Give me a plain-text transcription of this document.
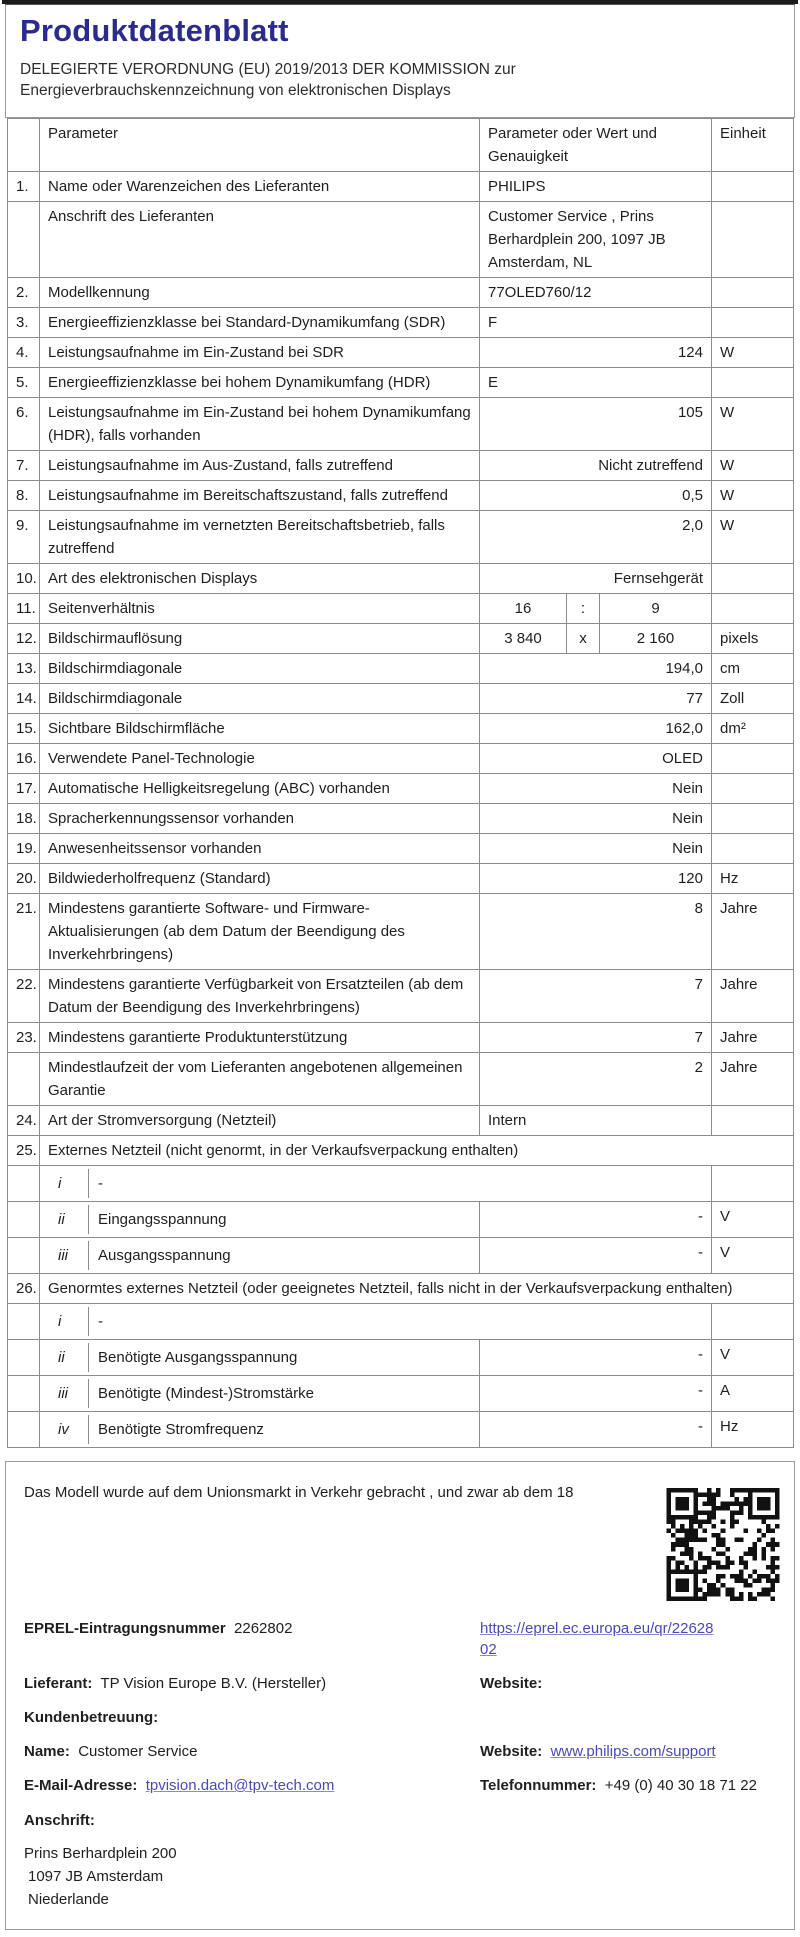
Produktdatenblatt

DELEGIERTE VERORDNUNG (EU) 2019/2013 DER KOMMISSION zur
Energieverbrauchskennzeichnung von elektronischen Displays

	Parameter	Parameter oder Wert und Genauigkeit	Einheit
1.	Name oder Warenzeichen des Lieferanten	PHILIPS	
	Anschrift des Lieferanten	Customer Service , Prins Berhardplein 200, 1097 JB Amsterdam, NL	
2.	Modellkennung	77OLED760/12	
3.	Energieeffizienzklasse bei Standard-Dynamikumfang (SDR)	F	
4.	Leistungsaufnahme im Ein-Zustand bei SDR	124	W
5.	Energieeffizienzklasse bei hohem Dynamikumfang (HDR)	E	
6.	Leistungsaufnahme im Ein-Zustand bei hohem Dynamikumfang (HDR), falls vorhanden	105	W
7.	Leistungsaufnahme im Aus-Zustand, falls zutreffend	Nicht zutreffend	W
8.	Leistungsaufnahme im Bereitschaftszustand, falls zutreffend	0,5	W
9.	Leistungsaufnahme im vernetzten Bereitschaftsbetrieb, falls zutreffend	2,0	W
10.	Art des elektronischen Displays	Fernsehgerät	
11.	Seitenverhältnis	16 : 9	

12.	Bildschirmauflösung	3 840 x 2 160	pixels
13.	Bildschirmdiagonale	194,0	cm
14.	Bildschirmdiagonale	77	Zoll
15.	Sichtbare Bildschirmfläche	162,0	dm²
16.	Verwendete Panel-Technologie	OLED	
17.	Automatische Helligkeitsregelung (ABC) vorhanden	Nein	
18.	Spracherkennungssensor vorhanden	Nein	
19.	Anwesenheitssensor vorhanden	Nein	
20.	Bildwiederholfrequenz (Standard)	120	Hz
21.	Mindestens garantierte Software- und Firmware-Aktualisierungen (ab dem Datum der Beendigung des Inverkehrbringens)	8	Jahre
22.	Mindestens garantierte Verfügbarkeit von Ersatzteilen (ab dem Datum der Beendigung des Inverkehrbringens)	7	Jahre
23.	Mindestens garantierte Produktunterstützung	7	Jahre
	Mindestlaufzeit der vom Lieferanten angebotenen allgemeinen Garantie	2	Jahre
24.	Art der Stromversorgung (Netzteil)	Intern	
25.	Externes Netzteil (nicht genormt, in der Verkaufsverpackung enthalten)		

	i -		

	ii Eingangsspannung	-	V

	iii Ausgangsspannung	-	V
26.	Genormtes externes Netzteil (oder geeignetes Netzteil, falls nicht in der Verkaufsverpackung enthalten)		

	i -		

	ii Benötigte Ausgangsspannung	-	V

	iii Benötigte (Mindest-)Stromstärke	-	A

	iv Benötigte Stromfrequenz	-	Hz

Das Modell wurde auf dem Unionsmarkt in Verkehr gebracht , und zwar ab dem 18

EPREL-Eintragungsnummer 2262802	https://eprel.ec.europa.eu/qr/2262802
Lieferant: TP Vision Europe B.V. (Hersteller)	Website:
Kundenbetreuung:
Name: Customer Service	Website: www.philips.com/support
E-Mail-Adresse: tpvision.dach@tpv-tech.com	Telefonnummer: +49 (0) 40 30 18 71 22
Anschrift:
Prins Berhardplein 200
1097 JB Amsterdam
Niederlande
